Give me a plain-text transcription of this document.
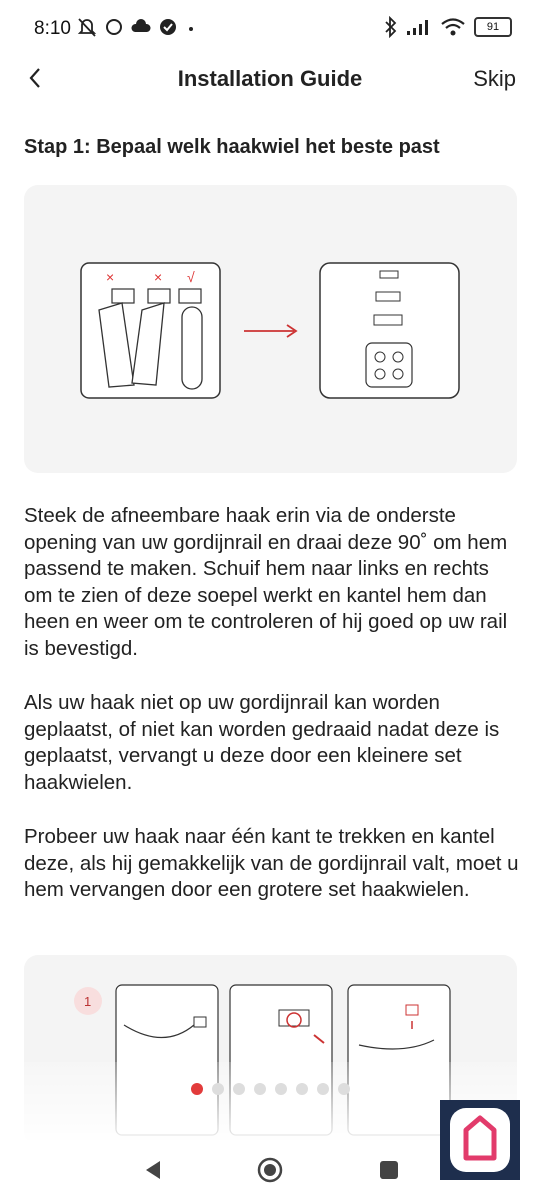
8:10	91
Installation Guide	Skip
Stap 1: Bepaal welk haakwiel het beste past
×	× √

Steek de afneembare haak erin via de onderste opening van uw gordijnrail en draai deze 90˚ om hem passend te maken. Schuif hem naar links en rechts om te zien of deze soepel werkt en kantel hem dan heen en weer om te controleren of hij goed op uw rail is bevestigd.

Als uw haak niet op uw gordijnrail kan worden geplaatst, of niet kan worden gedraaid nadat deze is geplaatst, vervangt u deze door een kleinere set haakwielen.

Probeer uw haak naar één kant te trekken en kantel deze, als hij gemakkelijk van de gordijnrail valt, moet u hem vervangen door een grotere set haakwielen.

1
